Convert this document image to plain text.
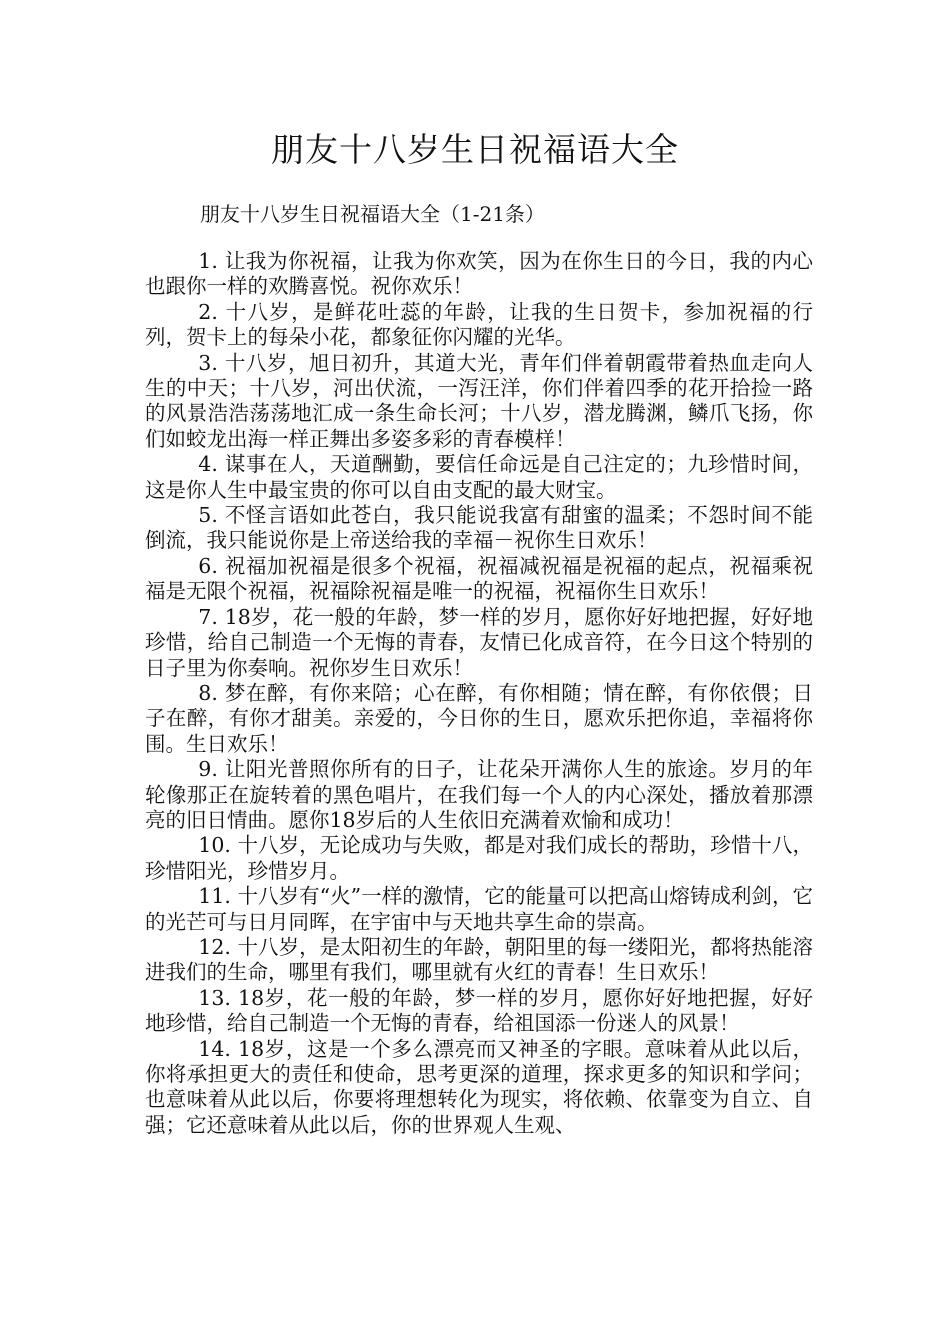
朋友十八岁生日祝福语大全
朋友十八岁生日祝福语大全（1-21条）

1. 让我为你祝福，让我为你欢笑，因为在你生日的今日，我的内心也跟你一样的欢腾喜悦。祝你欢乐！

2. 十八岁，是鲜花吐蕊的年龄，让我的生日贺卡，参加祝福的行列，贺卡上的每朵小花，都象征你闪耀的光华。

3. 十八岁，旭日初升，其道大光，青年们伴着朝霞带着热血走向人生的中天；十八岁，河出伏流，一泻汪洋，你们伴着四季的花开拾捡一路的风景浩浩荡荡地汇成一条生命长河；十八岁，潜龙腾渊，鳞爪飞扬，你们如蛟龙出海一样正舞出多姿多彩的青春模样！

4. 谋事在人，天道酬勤，要信任命远是自己注定的；九珍惜时间，这是你人生中最宝贵的你可以自由支配的最大财宝。

5. 不怪言语如此苍白，我只能说我富有甜蜜的温柔；不怨时间不能倒流，我只能说你是上帝送给我的幸福－祝你生日欢乐！

6. 祝福加祝福是很多个祝福，祝福减祝福是祝福的起点，祝福乘祝福是无限个祝福，祝福除祝福是唯一的祝福，祝福你生日欢乐！

7. 18岁，花一般的年龄，梦一样的岁月，愿你好好地把握，好好地珍惜，给自己制造一个无悔的青春，友情已化成音符，在今日这个特别的日子里为你奏响。祝你岁生日欢乐！

8. 梦在醉，有你来陪；心在醉，有你相随；情在醉，有你依偎；日子在醉，有你才甜美。亲爱的，今日你的生日，愿欢乐把你追，幸福将你围。生日欢乐！

9. 让阳光普照你所有的日子，让花朵开满你人生的旅途。岁月的年轮像那正在旋转着的黑色唱片，在我们每一个人的内心深处，播放着那漂亮的旧日情曲。愿你18岁后的人生依旧充满着欢愉和成功！

10. 十八岁，无论成功与失败，都是对我们成长的帮助，珍惜十八，珍惜阳光，珍惜岁月。

11. 十八岁有“火”一样的激情，它的能量可以把高山熔铸成利剑，它的光芒可与日月同晖，在宇宙中与天地共享生命的崇高。

12. 十八岁，是太阳初生的年龄，朝阳里的每一缕阳光，都将热能溶进我们的生命，哪里有我们，哪里就有火红的青春！生日欢乐！

13. 18岁，花一般的年龄，梦一样的岁月，愿你好好地把握，好好地珍惜，给自己制造一个无悔的青春，给祖国添一份迷人的风景！

14. 18岁，这是一个多么漂亮而又神圣的字眼。意味着从此以后，你将承担更大的责任和使命，思考更深的道理，探求更多的知识和学问；也意味着从此以后，你要将理想转化为现实，将依赖、依靠变为自立、自强；它还意味着从此以后，你的世界观人生观、
